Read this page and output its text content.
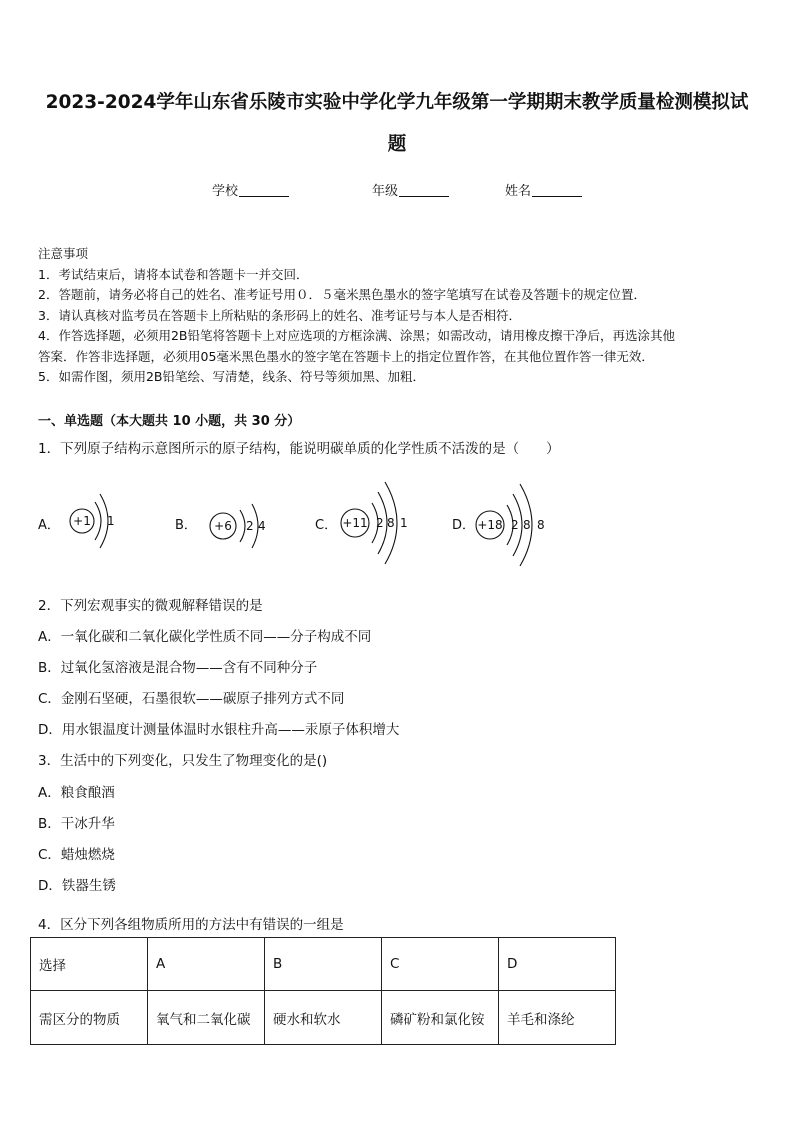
2023-2024学年山东省乐陵市实验中学化学九年级第一学期期末教学质量检测模拟试
题
学校	年级	姓名
注意事项
1．考试结束后，请将本试卷和答题卡一并交回．
2．答题前，请务必将自己的姓名、准考证号用０．５毫米黑色墨水的签字笔填写在试卷及答题卡的规定位置．
3．请认真核对监考员在答题卡上所粘贴的条形码上的姓名、准考证号与本人是否相符．
4．作答选择题，必须用2B铅笔将答题卡上对应选项的方框涂满、涂黑；如需改动，请用橡皮擦干净后，再选涂其他
答案．作答非选择题，必须用05毫米黑色墨水的签字笔在答题卡上的指定位置作答，在其他位置作答一律无效．
5．如需作图，须用2B铅笔绘、写清楚，线条、符号等须加黑、加粗．
一、单选题（本大题共 10 小题，共 30 分）
1．下列原子结构示意图所示的原子结构，能说明碳单质的化学性质不活泼的是（　　）
A．	B．	C．	D．
+1 1	+6 2 4	+11 2 8 1	+18 2 8 8
2．下列宏观事实的微观解释错误的是
A．一氧化碳和二氧化碳化学性质不同——分子构成不同
B．过氧化氢溶液是混合物——含有不同种分子
C．金刚石坚硬，石墨很软——碳原子排列方式不同
D．用水银温度计测量体温时水银柱升高——汞原子体积增大
3．生活中的下列变化，只发生了物理变化的是()
A．粮食酿酒
B．干冰升华
C．蜡烛燃烧
D．铁器生锈
4．区分下列各组物质所用的方法中有错误的一组是
选择	A	B	C	D
需区分的物质	氧气和二氧化碳	硬水和软水	磷矿粉和氯化铵	羊毛和涤纶
